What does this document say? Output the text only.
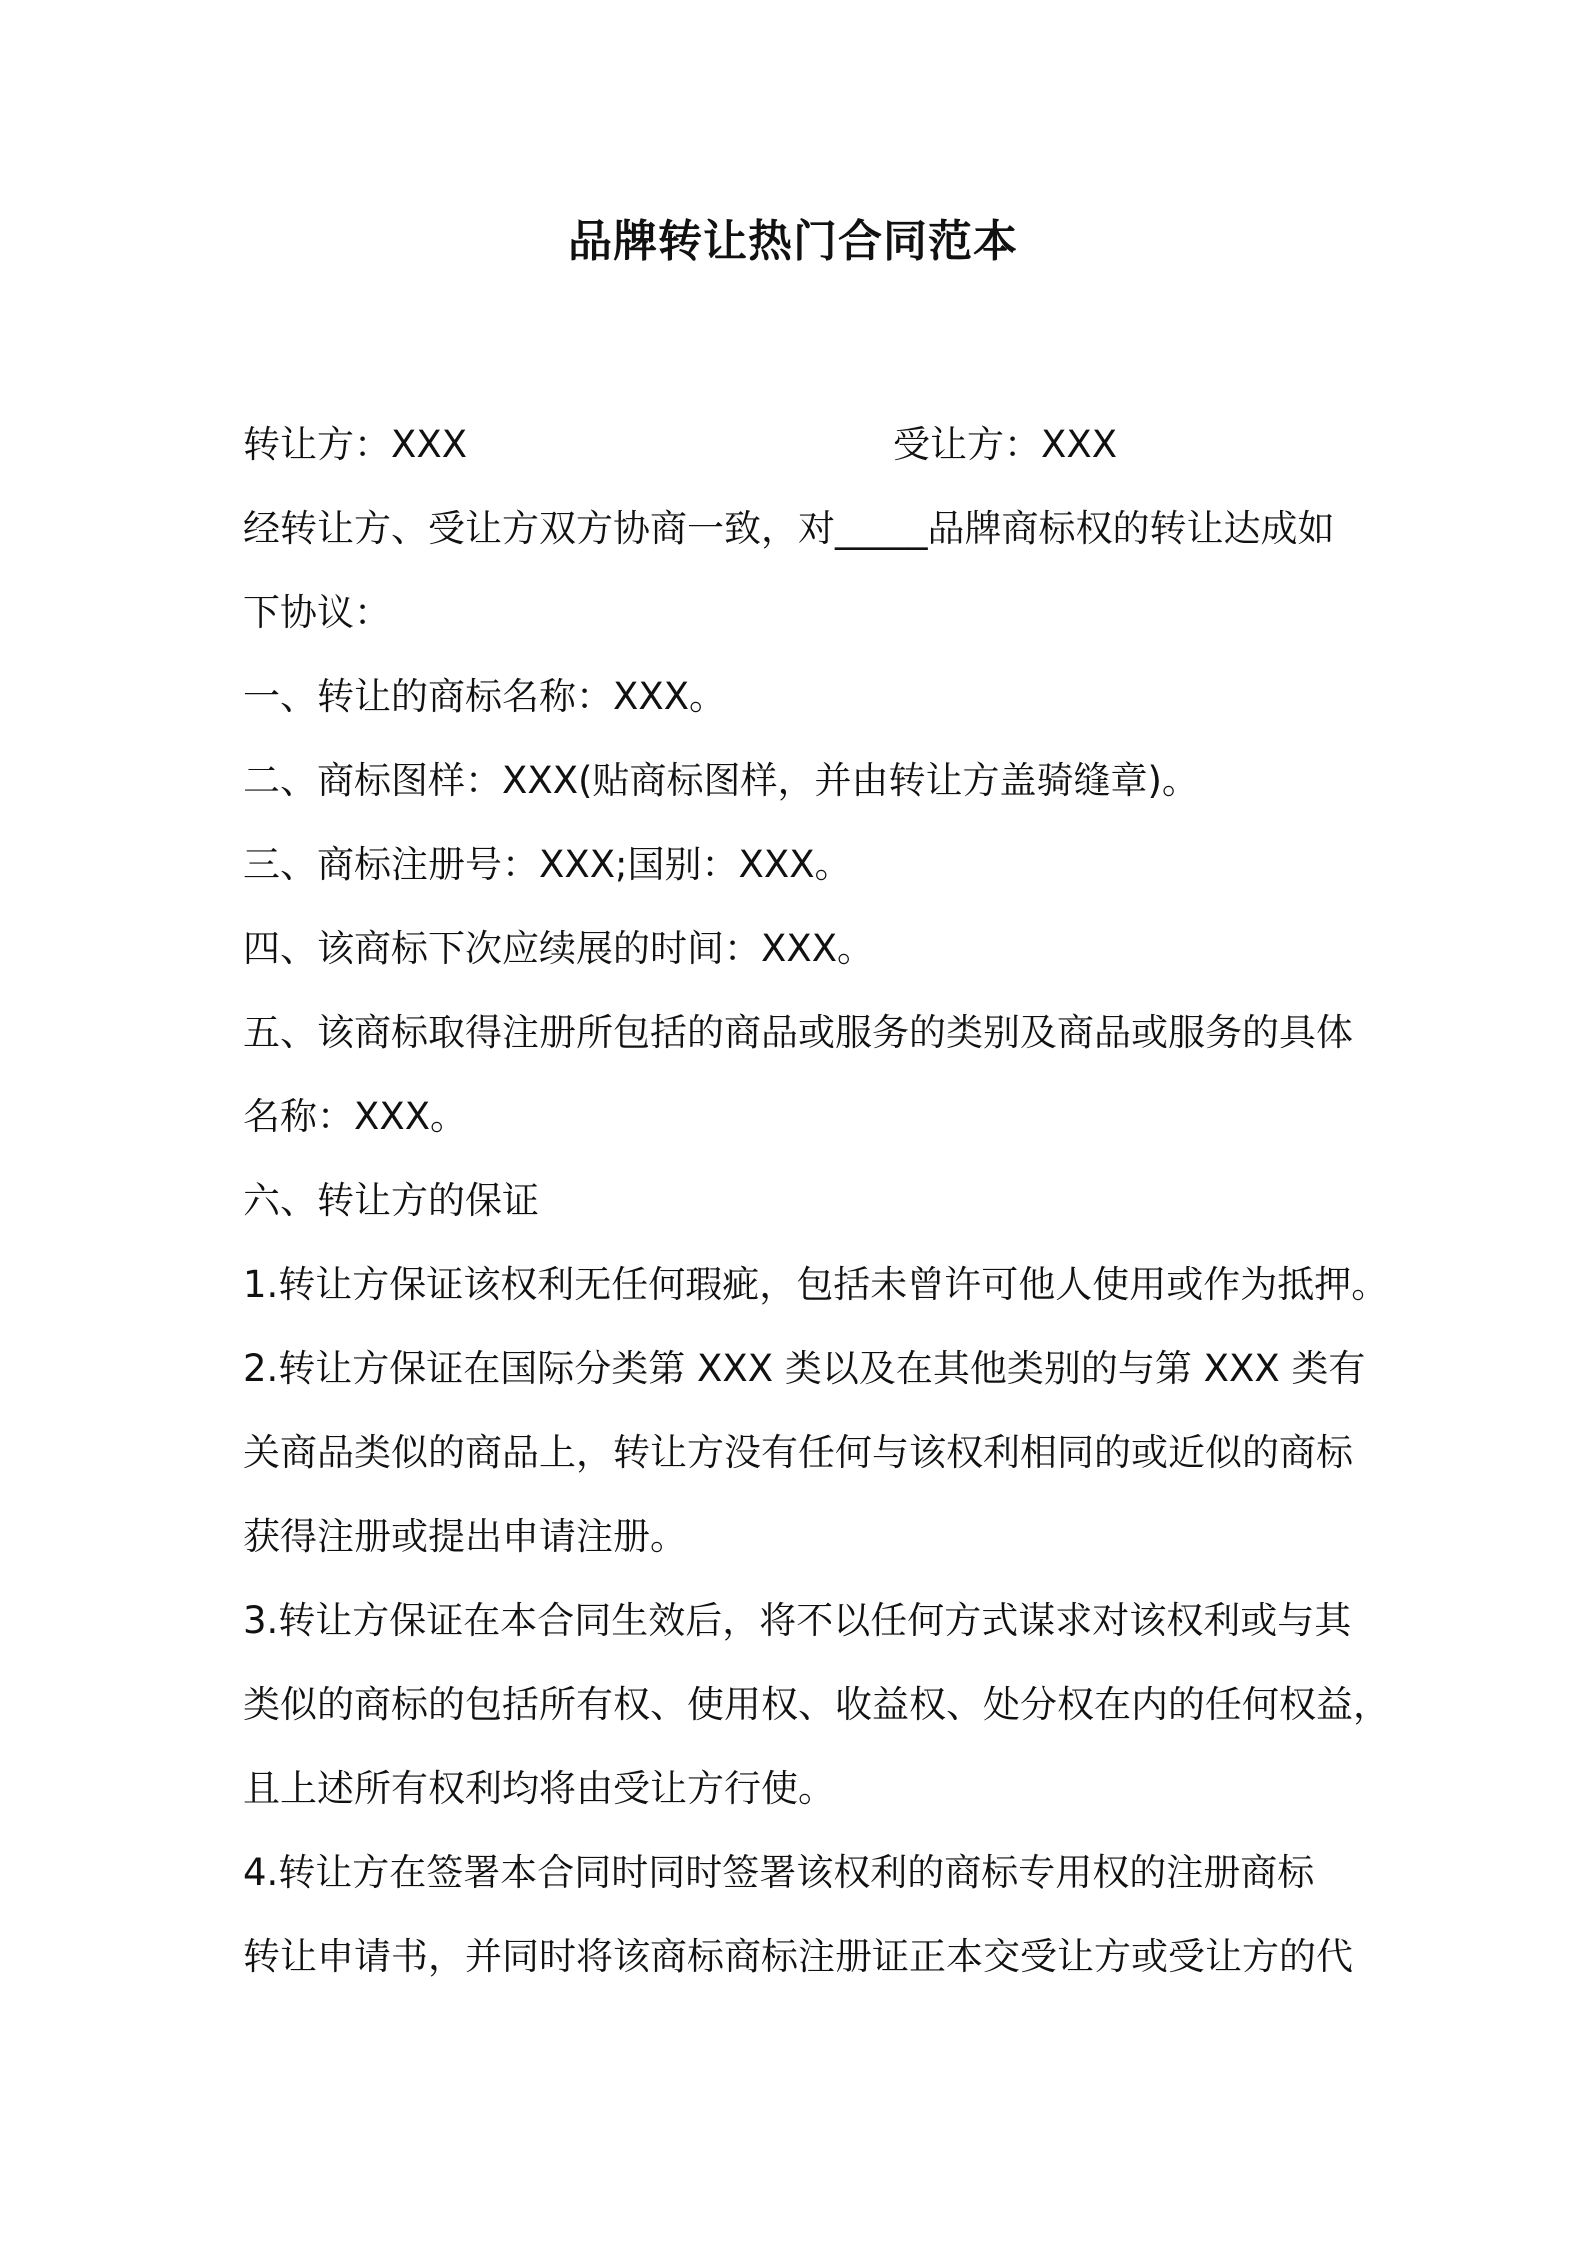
品牌转让热门合同范本
转让方：XXX	受让方：XXX
经转让方、受让方双方协商一致，对_____品牌商标权的转让达成如
下协议：
一、转让的商标名称：XXX。
二、商标图样：XXX(贴商标图样，并由转让方盖骑缝章)。
三、商标注册号：XXX;国别：XXX。
四、该商标下次应续展的时间：XXX。
五、该商标取得注册所包括的商品或服务的类别及商品或服务的具体
名称：XXX。
六、转让方的保证
1.转让方保证该权利无任何瑕疵，包括未曾许可他人使用或作为抵押。
2.转让方保证在国际分类第 XXX 类以及在其他类别的与第 XXX 类有
关商品类似的商品上，转让方没有任何与该权利相同的或近似的商标
获得注册或提出申请注册。
3.转让方保证在本合同生效后，将不以任何方式谋求对该权利或与其
类似的商标的包括所有权、使用权、收益权、处分权在内的任何权益，
且上述所有权利均将由受让方行使。
4.转让方在签署本合同时同时签署该权利的商标专用权的注册商标
转让申请书，并同时将该商标商标注册证正本交受让方或受让方的代
